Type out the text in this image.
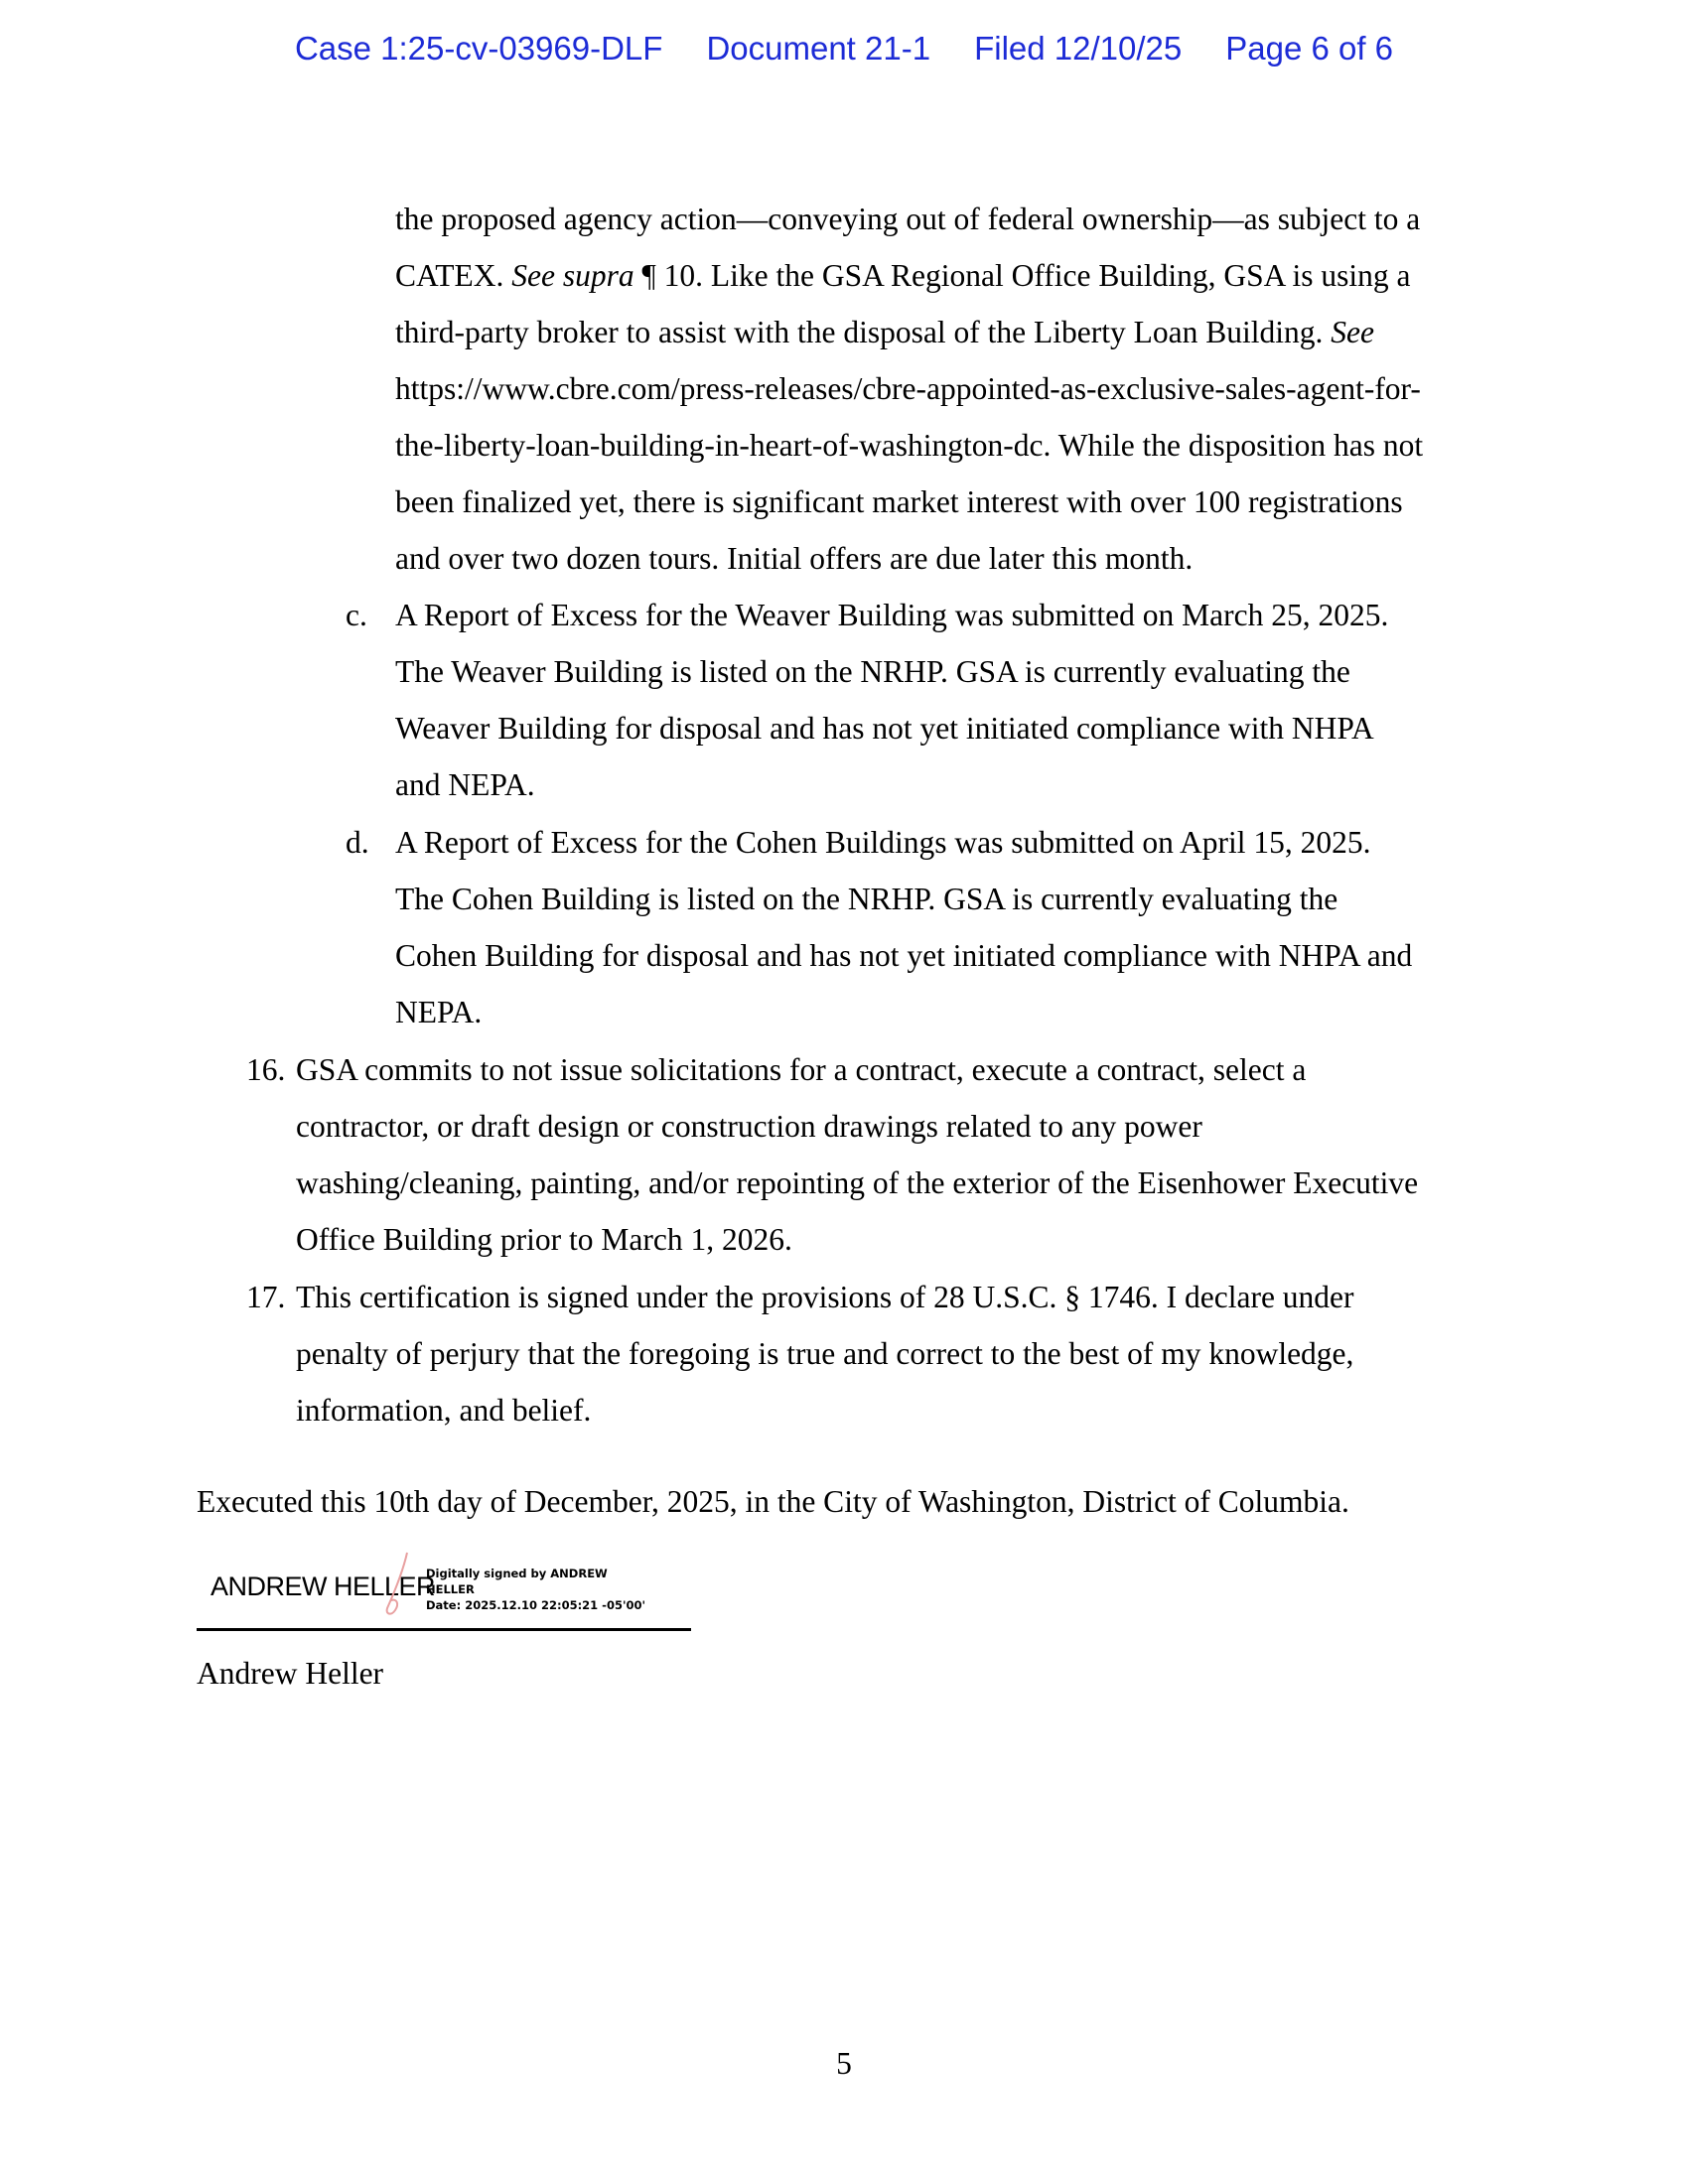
Case 1:25-cv-03969-DLF Document 21-1 Filed 12/10/25 Page 6 of 6

the proposed agency action—conveying out of federal ownership—as subject to a

CATEX. See supra ¶ 10. Like the GSA Regional Office Building, GSA is using a

third-party broker to assist with the disposal of the Liberty Loan Building. See

https://www.cbre.com/press-releases/cbre-appointed-as-exclusive-sales-agent-for-

the-liberty-loan-building-in-heart-of-washington-dc. While the disposition has not

been finalized yet, there is significant market interest with over 100 registrations

and over two dozen tours. Initial offers are due later this month.

c. A Report of Excess for the Weaver Building was submitted on March 25, 2025.

The Weaver Building is listed on the NRHP. GSA is currently evaluating the

Weaver Building for disposal and has not yet initiated compliance with NHPA

and NEPA.

d. A Report of Excess for the Cohen Buildings was submitted on April 15, 2025.

The Cohen Building is listed on the NRHP. GSA is currently evaluating the

Cohen Building for disposal and has not yet initiated compliance with NHPA and

NEPA.

16. GSA commits to not issue solicitations for a contract, execute a contract, select a

contractor, or draft design or construction drawings related to any power

washing/cleaning, painting, and/or repointing of the exterior of the Eisenhower Executive

Office Building prior to March 1, 2026.

17. This certification is signed under the provisions of 28 U.S.C. § 1746. I declare under

penalty of perjury that the foregoing is true and correct to the best of my knowledge,

information, and belief.

Executed this 10th day of December, 2025, in the City of Washington, District of Columbia.
ANDREW HELLER
Digitally signed by ANDREW
HELLER
Date: 2025.12.10 22:05:21 -05'00'
Andrew Heller
5
